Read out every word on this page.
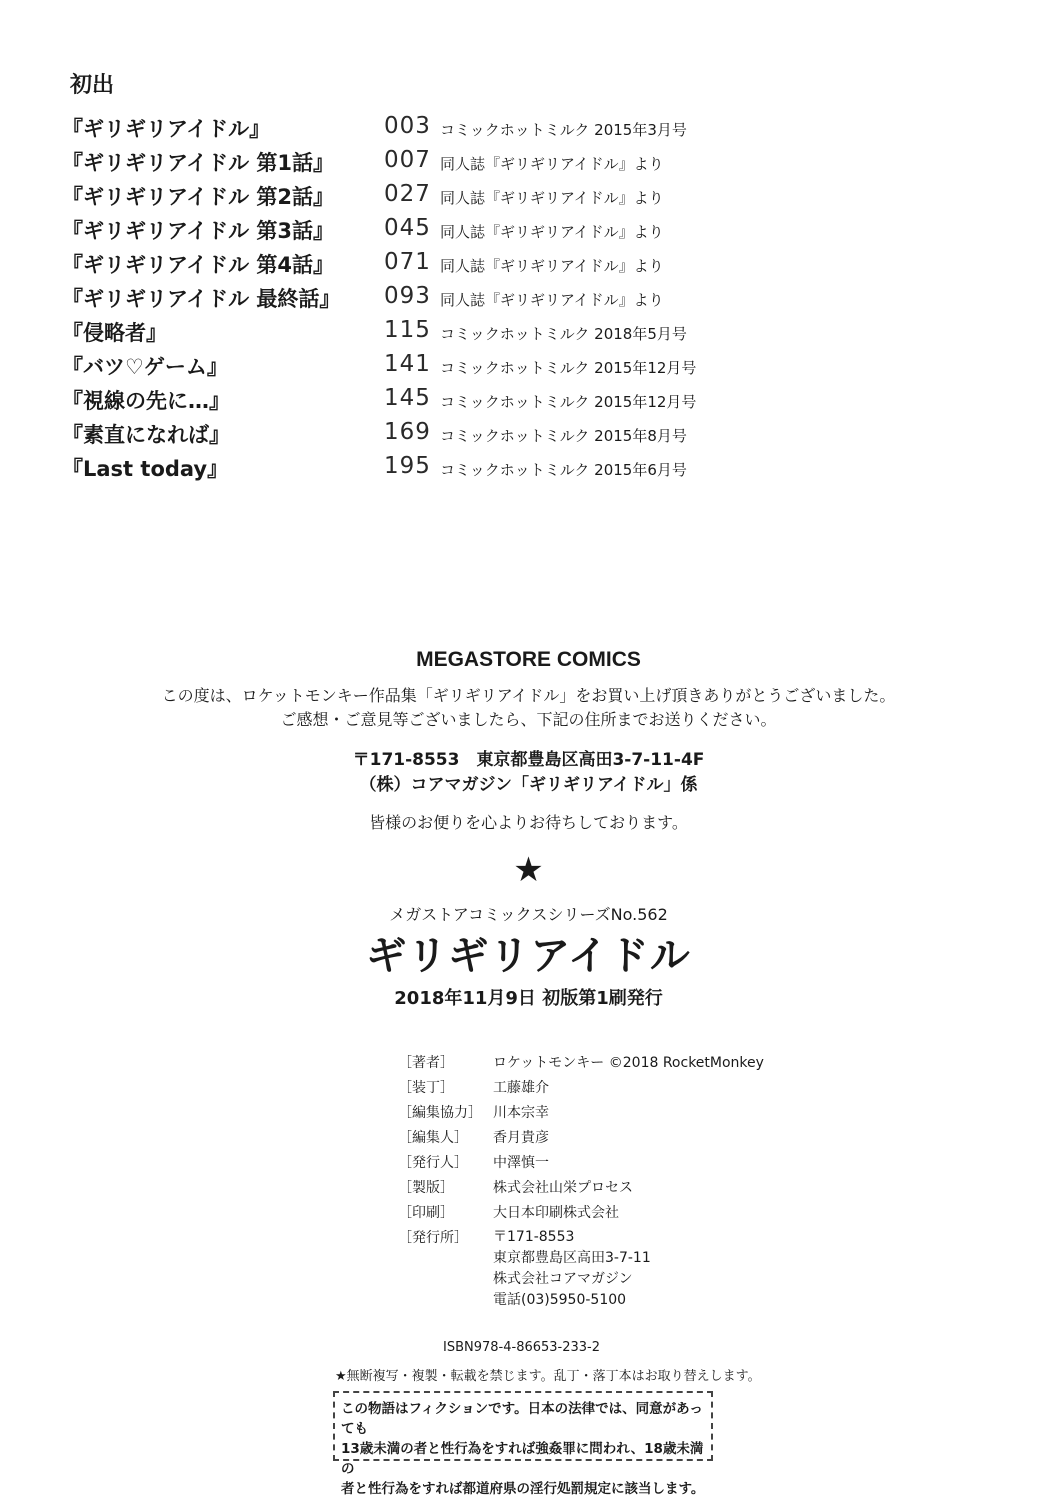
初出
『ギリギリアイドル』	003 コミックホットミルク 2015年3月号
『ギリギリアイドル 第1話』 007 同人誌『ギリギリアイドル』より
『ギリギリアイドル 第2話』 027 同人誌『ギリギリアイドル』より
『ギリギリアイドル 第3話』 045 同人誌『ギリギリアイドル』より
『ギリギリアイドル 第4話』 071 同人誌『ギリギリアイドル』より
『ギリギリアイドル 最終話』 093 同人誌『ギリギリアイドル』より
『侵略者』	115 コミックホットミルク 2018年5月号
『バツ♡ゲーム』	141 コミックホットミルク 2015年12月号
『視線の先に…』	145 コミックホットミルク 2015年12月号
『素直になれば』	169 コミックホットミルク 2015年8月号
『Last today』	195 コミックホットミルク 2015年6月号
MEGASTORE COMICS
この度は、ロケットモンキー作品集「ギリギリアイドル」をお買い上げ頂きありがとうございました。
ご感想・ご意見等ございましたら、下記の住所までお送りください。
〒171-8553　東京都豊島区高田3-7-11-4F
（株）コアマガジン「ギリギリアイドル」係
皆様のお便りを心よりお待ちしております。
★
メガストアコミックスシリーズNo.562
ギリギリアイドル
2018年11月9日 初版第1刷発行
［著者］	ロケットモンキー ©2018 RocketMonkey
［装丁］	工藤雄介
［編集協力］ 川本宗幸
［編集人］ 香月貴彦
［発行人］ 中澤慎一
［製版］	株式会社山栄プロセス
［印刷］	大日本印刷株式会社
［発行所］ 〒171-8553
東京都豊島区高田3-7-11
株式会社コアマガジン
電話(03)5950-5100
ISBN978-4-86653-233-2
★無断複写・複製・転載を禁じます。乱丁・落丁本はお取り替えします。
この物語はフィクションです。日本の法律では、同意があっても
13歳未満の者と性行為をすれば強姦罪に問われ、18歳未満の
者と性行為をすれば都道府県の淫行処罰規定に該当します。
